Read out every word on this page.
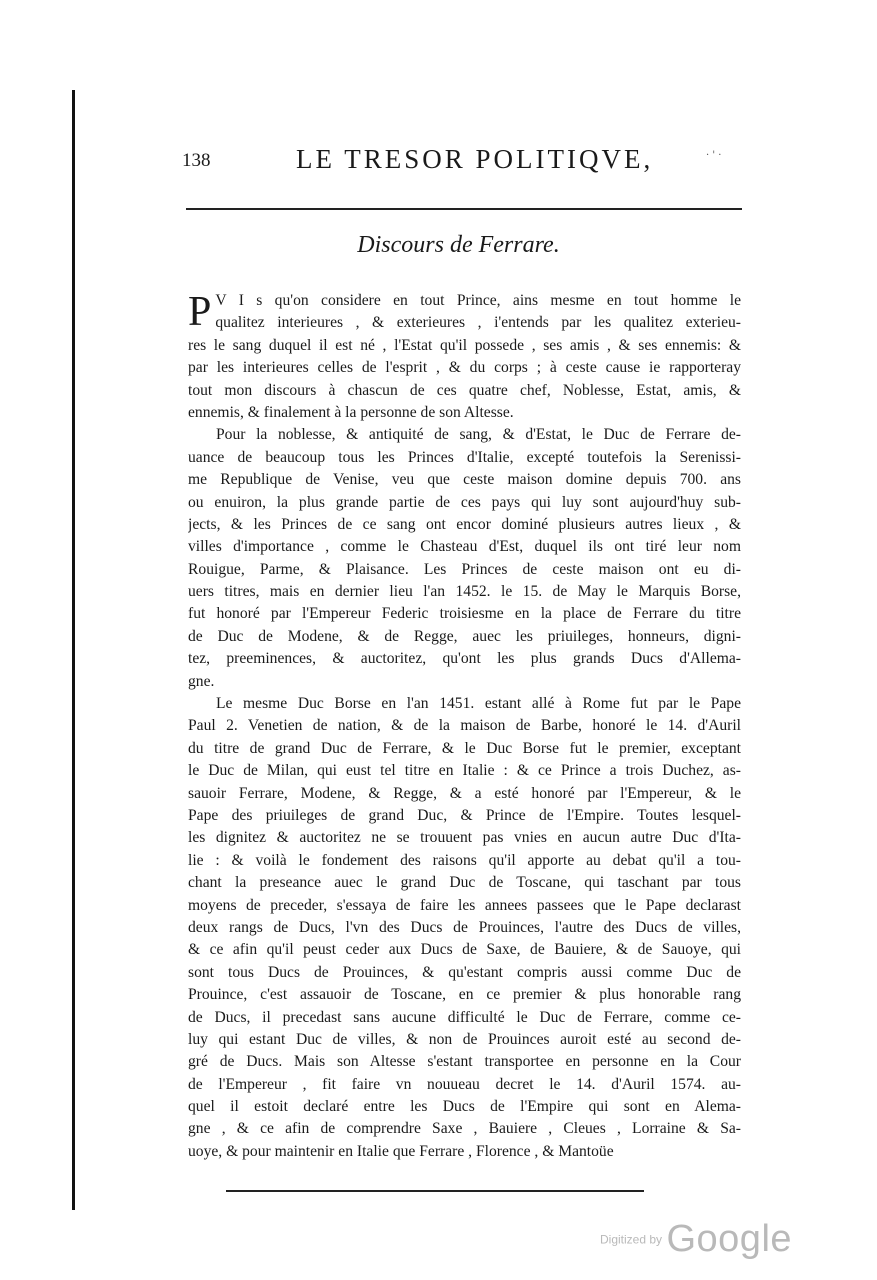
138	LE TRESOR POLITIQVE,	· ' ·
Discours de Ferrare.
P V I s qu'on considere en tout Prince, ains mesme en tout homme le
qualitez interieures , & exterieures , i'entends par les qualitez exterieu-
res le sang duquel il est né , l'Estat qu'il possede , ses amis , & ses ennemis: &
par les interieures celles de l'esprit , & du corps ; à ceste cause ie rapporteray
tout mon discours à chascun de ces quatre chef, Noblesse, Estat, amis, &
ennemis, & finalement à la personne de son Altesse.
Pour la noblesse, & antiquité de sang, & d'Estat, le Duc de Ferrare de-
uance de beaucoup tous les Princes d'Italie, excepté toutefois la Serenissi-
me Republique de Venise, veu que ceste maison domine depuis 700. ans
ou enuiron, la plus grande partie de ces pays qui luy sont aujourd'huy sub-
jects, & les Princes de ce sang ont encor dominé plusieurs autres lieux , &
villes d'importance , comme le Chasteau d'Est, duquel ils ont tiré leur nom
Rouigue, Parme, & Plaisance. Les Princes de ceste maison ont eu di-
uers titres, mais en dernier lieu l'an 1452. le 15. de May le Marquis Borse,
fut honoré par l'Empereur Federic troisiesme en la place de Ferrare du titre
de Duc de Modene, & de Regge, auec les priuileges, honneurs, digni-
tez, preeminences, & auctoritez, qu'ont les plus grands Ducs d'Allema-
gne.
Le mesme Duc Borse en l'an 1451. estant allé à Rome fut par le Pape
Paul 2. Venetien de nation, & de la maison de Barbe, honoré le 14. d'Auril
du titre de grand Duc de Ferrare, & le Duc Borse fut le premier, exceptant
le Duc de Milan, qui eust tel titre en Italie : & ce Prince a trois Duchez, as-
sauoir Ferrare, Modene, & Regge, & a esté honoré par l'Empereur, & le
Pape des priuileges de grand Duc, & Prince de l'Empire. Toutes lesquel-
les dignitez & auctoritez ne se trouuent pas vnies en aucun autre Duc d'Ita-
lie : & voilà le fondement des raisons qu'il apporte au debat qu'il a tou-
chant la preseance auec le grand Duc de Toscane, qui taschant par tous
moyens de preceder, s'essaya de faire les annees passees que le Pape declarast
deux rangs de Ducs, l'vn des Ducs de Prouinces, l'autre des Ducs de villes,
& ce afin qu'il peust ceder aux Ducs de Saxe, de Bauiere, & de Sauoye, qui
sont tous Ducs de Prouinces, & qu'estant compris aussi comme Duc de
Prouince, c'est assauoir de Toscane, en ce premier & plus honorable rang
de Ducs, il precedast sans aucune difficulté le Duc de Ferrare, comme ce-
luy qui estant Duc de villes, & non de Prouinces auroit esté au second de-
gré de Ducs. Mais son Altesse s'estant transportee en personne en la Cour
de l'Empereur , fit faire vn nouueau decret le 14. d'Auril 1574. au-
quel il estoit declaré entre les Ducs de l'Empire qui sont en Alema-
gne , & ce afin de comprendre Saxe , Bauiere , Cleues , Lorraine & Sa-
uoye, & pour maintenir en Italie que Ferrare , Florence , & Mantoüe
Digitized by Google
